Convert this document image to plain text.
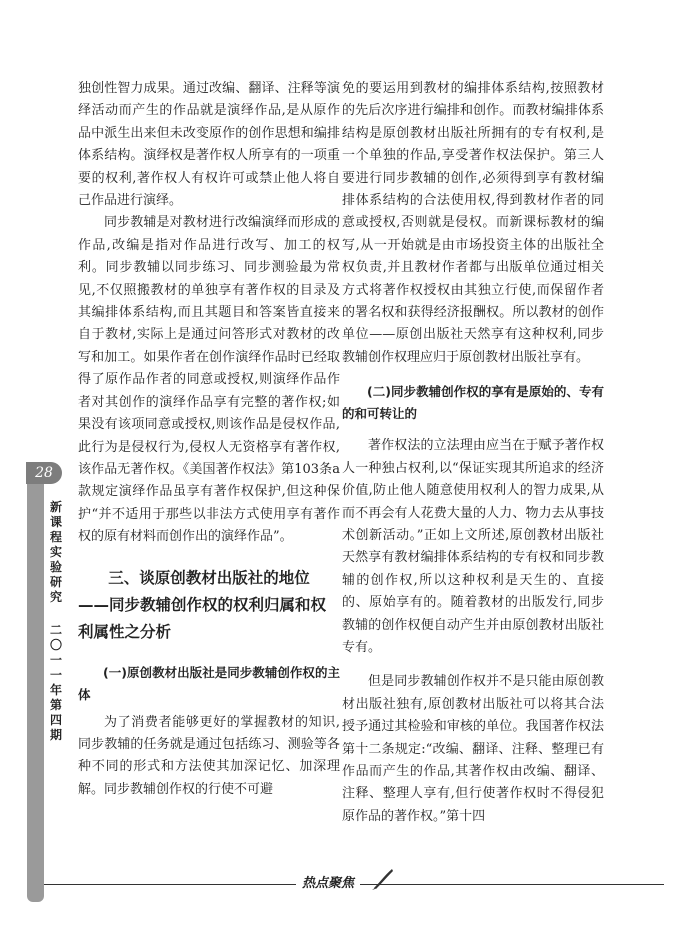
28
新课程实验研究
二〇一一年
第四期

独创性智力成果。通过改编、翻译、注释等演绎活动而产生的作品就是演绎作品,是从原作品中派生出来但未改变原作的创作思想和编排体系结构。演绎权是著作权人所享有的一项重要的权利,著作权人有权许可或禁止他人将自己作品进行演绎。

同步教辅是对教材进行改编演绎而形成的作品,改编是指对作品进行改写、加工的权利。同步教辅以同步练习、同步测验最为常见,不仅照搬教材的单独享有著作权的目录及其编排体系结构,而且其题目和答案皆直接来自于教材,实际上是通过问答形式对教材的改写和加工。如果作者在创作演绎作品时已经取得了原作品作者的同意或授权,则演绎作品作者对其创作的演绎作品享有完整的著作权;如果没有该项同意或授权,则该作品是侵权作品,此行为是侵权行为,侵权人无资格享有著作权,该作品无著作权。《美国著作权法》第103条a款规定演绎作品虽享有著作权保护,但这种保护“并不适用于那些以非法方式使用享有著作权的原有材料而创作出的演绎作品”。

三、谈原创教材出版社的地位
——同步教辅创作权的权利归属和权利属性之分析

(一)原创教材出版社是同步教辅创作权的主体

为了消费者能够更好的掌握教材的知识,同步教辅的任务就是通过包括练习、测验等各种不同的形式和方法使其加深记忆、加深理解。同步教辅创作权的行使不可避

免的要运用到教材的编排体系结构,按照教材的先后次序进行编排和创作。而教材编排体系结构是原创教材出版社所拥有的专有权利,是一个单独的作品,享受著作权法保护。第三人要进行同步教辅的创作,必须得到享有教材编排体系结构的合法使用权,得到教材作者的同意或授权,否则就是侵权。而新课标教材的编写,从一开始就是由市场投资主体的出版社全权负责,并且教材作者都与出版单位通过相关方式将著作权授权由其独立行使,而保留作者的署名权和获得经济报酬权。所以教材的创作单位——原创出版社天然享有这种权利,同步教辅创作权理应归于原创教材出版社享有。

(二)同步教辅创作权的享有是原始的、专有的和可转让的

著作权法的立法理由应当在于赋予著作权人一种独占权利,以“保证实现其所追求的经济价值,防止他人随意使用权利人的智力成果,从而不再会有人花费大量的人力、物力去从事技术创新活动。”正如上文所述,原创教材出版社天然享有教材编排体系结构的专有权和同步教辅的创作权,所以这种权利是天生的、直接的、原始享有的。随着教材的出版发行,同步教辅的创作权便自动产生并由原创教材出版社专有。

但是同步教辅创作权并不是只能由原创教材出版社独有,原创教材出版社可以将其合法授予通过其检验和审核的单位。我国著作权法第十二条规定:“改编、翻译、注释、整理已有作品而产生的作品,其著作权由改编、翻译、注释、整理人享有,但行使著作权时不得侵犯原作品的著作权。”第十四

热点聚焦
